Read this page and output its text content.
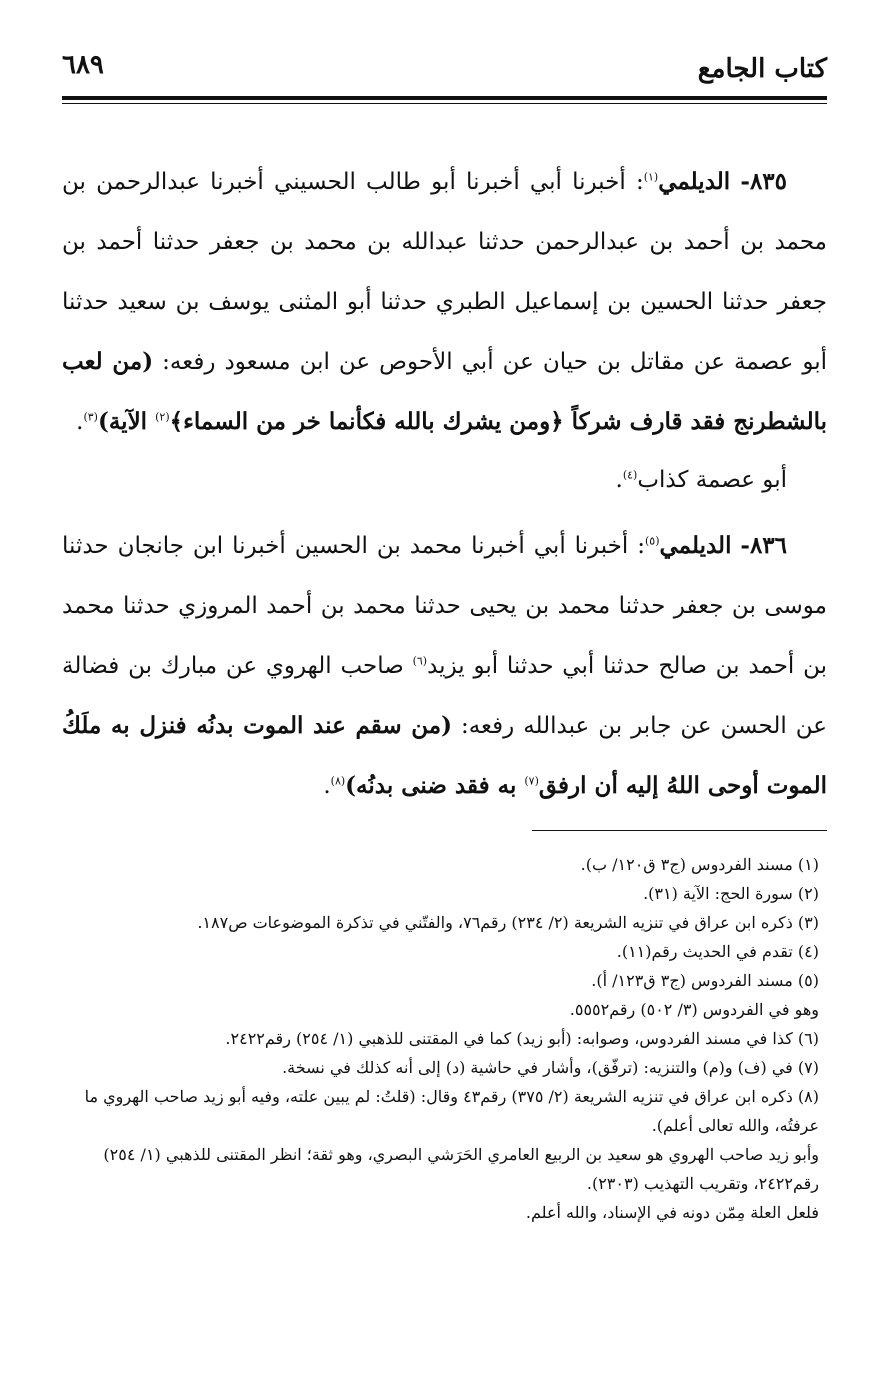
كتاب الجامع
٦٨٩

٨٣٥- الديلمي$^{(١)}$: أخبرنا أبي أخبرنا أبو طالب الحسيني أخبرنا عبدالرحمن بن محمد بن أحمد بن عبدالرحمن حدثنا عبدالله بن محمد بن جعفر حدثنا أحمد بن جعفر حدثنا الحسين بن إسماعيل الطبري حدثنا أبو المثنى يوسف بن سعيد حدثنا أبو عصمة عن مقاتل بن حيان عن أبي الأحوص عن ابن مسعود رفعه: (من لعب بالشطرنج فقد قارف شركاً ﴿ومن يشرك بالله فكأنما خر من السماء﴾$^{(٢)}$ الآية)$^{(٣)}$.

أبو عصمة كذاب$^{(٤)}$.

٨٣٦- الديلمي$^{(٥)}$: أخبرنا أبي أخبرنا محمد بن الحسين أخبرنا ابن جانجان حدثنا موسى بن جعفر حدثنا محمد بن يحيى حدثنا محمد بن أحمد المروزي حدثنا محمد بن أحمد بن صالح حدثنا أبي حدثنا أبو يزيد$^{(٦)}$ صاحب الهروي عن مبارك بن فضالة عن الحسن عن جابر بن عبدالله رفعه: (من سقم عند الموت بدنُه فنزل به ملَكُ الموت أوحى اللهُ إليه أن ارفق$^{(٧)}$ به فقد ضنى بدنُه)$^{(٨)}$.

(١) مسند الفردوس (ج٣ ق١٢٠/ ب).
(٢) سورة الحج: الآية (٣١).
(٣) ذكره ابن عراق في تنزيه الشريعة (٢/ ٢٣٤) رقم٧٦، والفتّني في تذكرة الموضوعات ص١٨٧.
(٤) تقدم في الحديث رقم(١١).
(٥) مسند الفردوس (ج٣ ق١٢٣/ أ).
وهو في الفردوس (٣/ ٥٠٢) رقم٥٥٥٢.
(٦) كذا في مسند الفردوس، وصوابه: (أبو زيد) كما في المقتنى للذهبي (١/ ٢٥٤) رقم٢٤٢٢.
(٧) في (ف) و(م) والتنزيه: (ترفّق)، وأشار في حاشية (د) إلى أنه كذلك في نسخة.
(٨) ذكره ابن عراق في تنزيه الشريعة (٢/ ٣٧٥) رقم٤٣ وقال: (قلتُ: لم يبين علته، وفيه أبو زيد صاحب الهروي ما عرفتُه، والله تعالى أعلم).
وأبو زيد صاحب الهروي هو سعيد بن الربيع العامري الحَرَشي البصري، وهو ثقة؛ انظر المقتنى للذهبي (١/ ٢٥٤) رقم٢٤٢٢، وتقريب التهذيب (٢٣٠٣).
فلعل العلة مِمّن دونه في الإسناد، والله أعلم.
